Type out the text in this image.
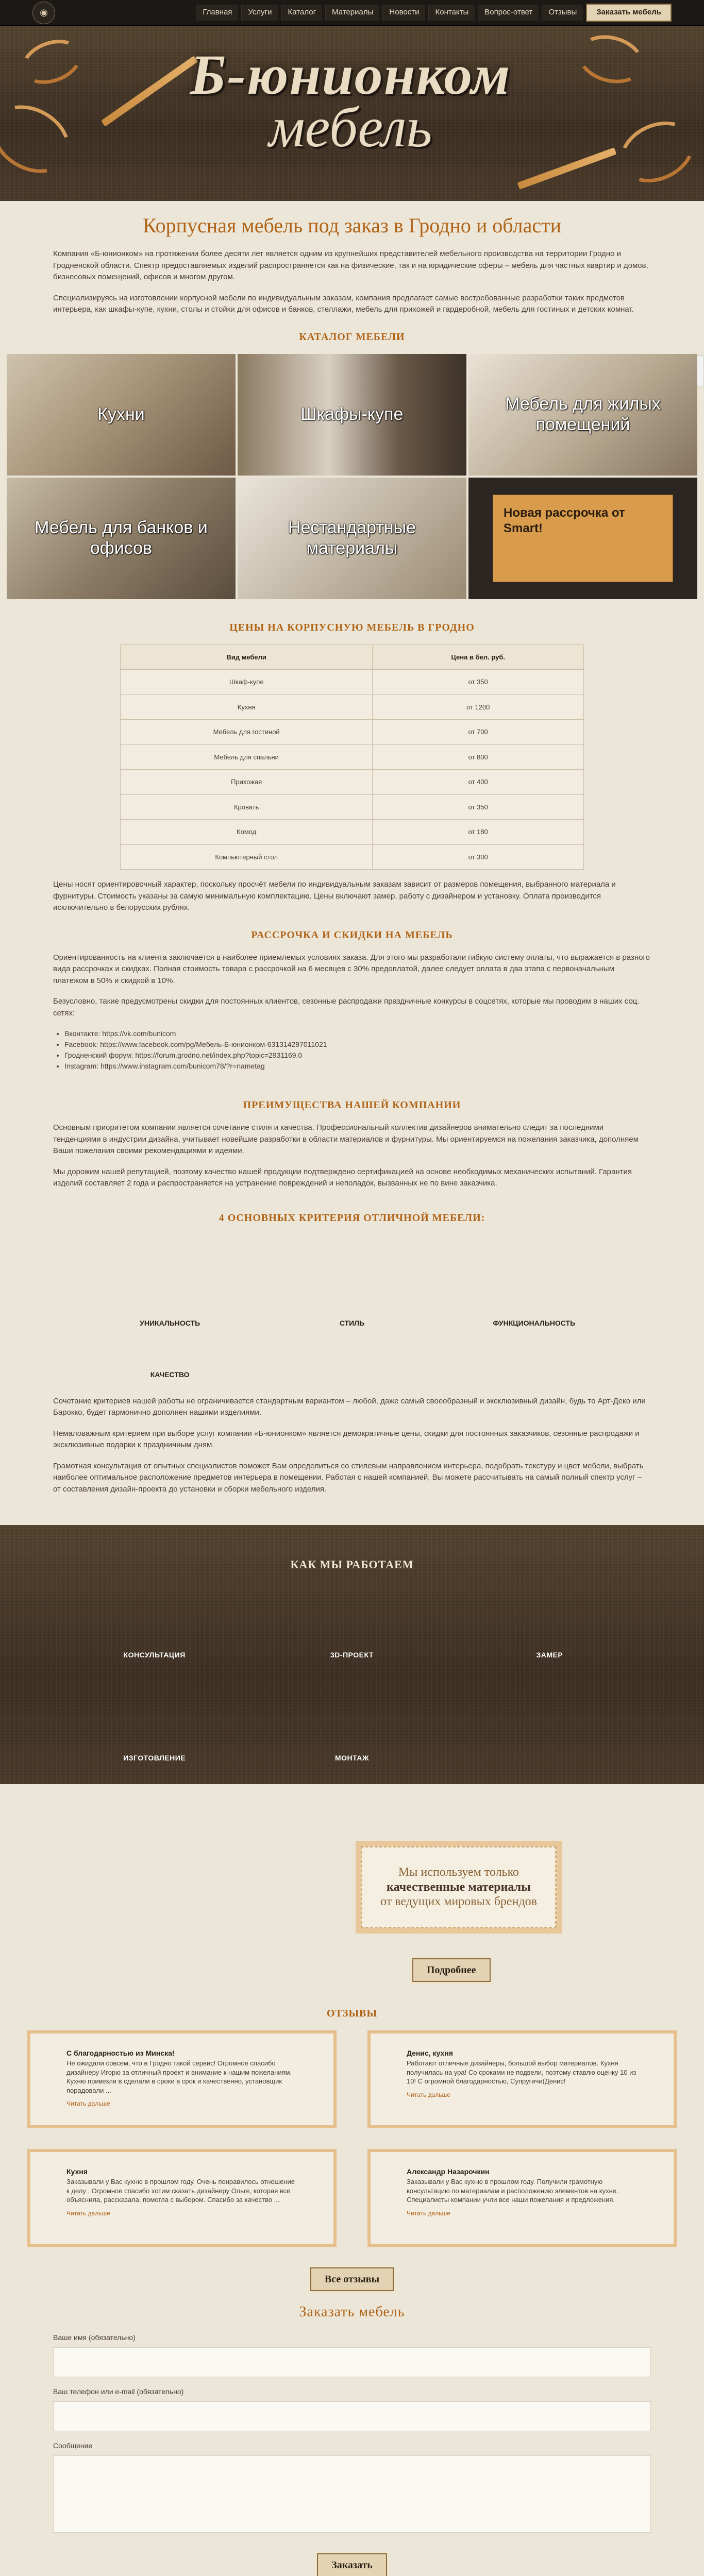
◉	Главная	Услуги	Каталог	Материалы	Новости	Контакты	Вопрос-ответ	Отзывы	Заказать мебель
Б-юнионком
мебель
Корпусная мебель под заказ в Гродно и области

Компания «Б-юнионком» на протяжении более десяти лет является одним из крупнейших представителей мебельного производства на территории Гродно и Гродненской области. Спектр предоставляемых изделий распространяется как на физические, так и на юридические сферы – мебель для частных квартир и домов, бизнесовых помещений, офисов и многом другом.

Специализируясь на изготовлении корпусной мебели по индивидуальным заказам, компания предлагает самые востребованные разработки таких предметов интерьера, как шкафы-купе, кухни, столы и стойки для офисов и банков, стеллажи, мебель для прихожей и гардеробной, мебель для гостиных и детских комнат.

КАТАЛОГ МЕБЕЛИ
Кухни	Шкафы-купе
Мебель для жилых помещений
Мебель для банков и офисов
Нестандартные материалы
Новая рассрочка от Smart!
ЦЕНЫ НА КОРПУСНУЮ МЕБЕЛЬ В ГРОДНО
Вид мебели	Цена в бел. руб.
Шкаф-купе	от 350
Кухня	от 1200
Мебель для гостиной	от 700
Мебель для спальни	от 800
Прихожая	от 400
Кровать	от 350
Комод	от 180
Компьютерный стол	от 300

Цены носят ориентировочный характер, поскольку просчёт мебели по индивидуальным заказам зависит от размеров помещения, выбранного материала и фурнитуры. Стоимость указаны за самую минимальную комплектацию. Цены включают замер, работу с дизайнером и установку. Оплата производится исключительно в белорусских рублях.

РАССРОЧКА И СКИДКИ НА МЕБЕЛЬ

Ориентированность на клиента заключается в наиболее приемлемых условиях заказа. Для этого мы разработали гибкую систему оплаты, что выражается в разного вида рассрочках и скидках. Полная стоимость товара с рассрочкой на 6 месяцев с 30% предоплатой, далее следует оплата в два этапа с первоначальным платежом в 50% и скидкой в 10%.

Безусловно, такие предусмотрены скидки для постоянных клиентов, сезонные распродажи праздничные конкурсы в соцсетях, которые мы проводим в наших соц. сетях:

• Вконтакте: https://vk.com/bunicom
• Facebook: https://www.facebook.com/pg/Мебель-Б-юнионком-631314297011021
• Гродненский форум: https://forum.grodno.net/index.php?topic=2931169.0
• Instagram: https://www.instagram.com/bunicom78/?r=nametag
ПРЕИМУЩЕСТВА НАШЕЙ КОМПАНИИ

Основным приоритетом компании является сочетание стиля и качества. Профессиональный коллектив дизайнеров внимательно следит за последними тенденциями в индустрии дизайна, учитывает новейшие разработки в области материалов и фурнитуры. Мы ориентируемся на пожелания заказчика, дополняем Ваши пожелания своими рекомендациями и идеями.

Мы дорожим нашей репутацией, поэтому качество нашей продукции подтверждено сертификацией на основе необходимых механических испытаний. Гарантия изделий составляет 2 года и распространяется на устранение повреждений и неполадок, вызванных не по вине заказчика.

4 ОСНОВНЫХ КРИТЕРИЯ ОТЛИЧНОЙ МЕБЕЛИ:
УНИКАЛЬНОСТЬ	СТИЛЬ	ФУНКЦИОНАЛЬНОСТЬ
КАЧЕСТВО

Сочетание критериев нашей работы не ограничивается стандартным вариантом – любой, даже самый своеобразный и эксклюзивный дизайн, будь то Арт-Деко или Барокко, будет гармонично дополнен нашими изделиями.

Немаловажным критерием при выборе услуг компании «Б-юнионком» является демократичные цены, скидки для постоянных заказчиков, сезонные распродажи и эксклюзивные подарки к праздничным дням.

Грамотная консультация от опытных специалистов поможет Вам определиться со стилевым направлением интерьера, подобрать текстуру и цвет мебели, выбрать наиболее оптимальное расположение предметов интерьера в помещении. Работая с нашей компанией, Вы можете рассчитывать на самый полный спектр услуг – от составления дизайн-проекта до установки и сборки мебельного изделия.

КАК МЫ РАБОТАЕМ
КОНСУЛЬТАЦИЯ	3D-ПРОЕКТ	ЗАМЕР
ИЗГОТОВЛЕНИЕ	МОНТАЖ
Мы используем только
качественные материалы
от ведущих мировых брендов
Подробнее
ОТЗЫВЫ
С благодарностью из Минска!

Не ожидали совсем, что в Гродно такой сервис! Огромное спасибо дизайнеру Игорю за отличный проект и внимание к нашим пожеланиям. Кухню привезли в сделали в сроки в срок и качественно, установщик порадовали ...

Читать дальше
Денис, кухня

Работают отличные дизайнеры, большой выбор материалов. Кухня получилась на ура! Со сроками не подвели, поэтому ставлю оценку 10 из 10! С огромной благодарностью, Супругичи(Денис!

Читать дальше
Кухня

Заказывали у Вас кухню в прошлом году. Очень понравилось отношение к делу . Огромное спасибо хотим сказать дизайнеру Ольге, которая все объяснила, рассказала, помогла с выбором. Спасибо за качество ...

Читать дальше
Александр Назарочкин

Заказывали у Вас кухню в прошлом году. Получили грамотную консультацию по материалам и расположению элементов на кухне. Специалисты компании учли все наши пожелания и предложения.

Читать дальше
Все отзывы
Заказать мебель
Ваше имя (обязательно)
Ваш телефон или e-mail (обязательно)
Сообщение
Заказать
